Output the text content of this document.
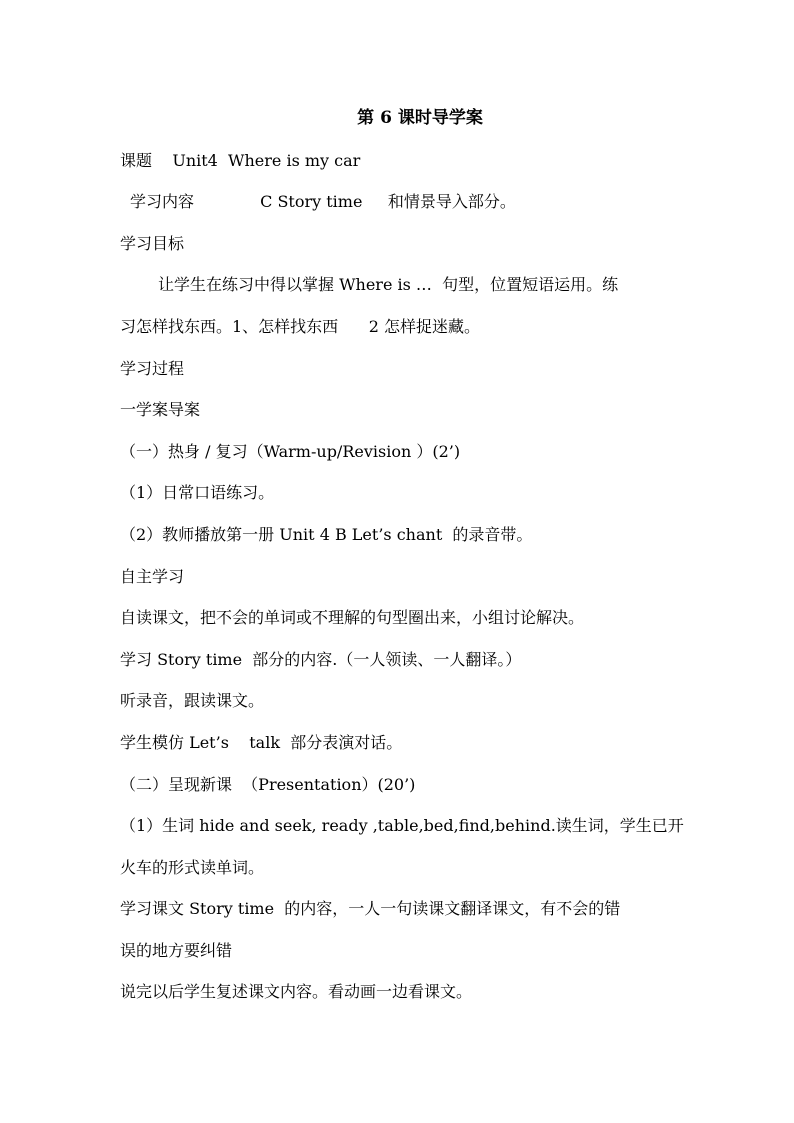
第 6 课时导学案
课题    Unit4  Where is my car
学习内容             C Story time     和情景导入部分。
学习目标
让学生在练习中得以掌握 Where is …  句型，位置短语运用。练
习怎样找东西。1、怎样找东西      2 怎样捉迷藏。
学习过程
一学案导案
（一）热身 / 复习（Warm-up/Revision ）(2’)
（1）日常口语练习。
（2）教师播放第一册 Unit 4 B Let’s chant  的录音带。
自主学习
自读课文，把不会的单词或不理解的句型圈出来，小组讨论解决。
学习 Story time  部分的内容.（一人领读、一人翻译。）
听录音，跟读课文。
学生模仿 Let’s    talk  部分表演对话。
（二）呈现新课  （Presentation）(20’)
（1）生词 hide and seek, ready ,table,bed,find,behind.读生词，学生已开
火车的形式读单词。
学习课文 Story time  的内容，一人一句读课文翻译课文，有不会的错
误的地方要纠错
说完以后学生复述课文内容。看动画一边看课文。
